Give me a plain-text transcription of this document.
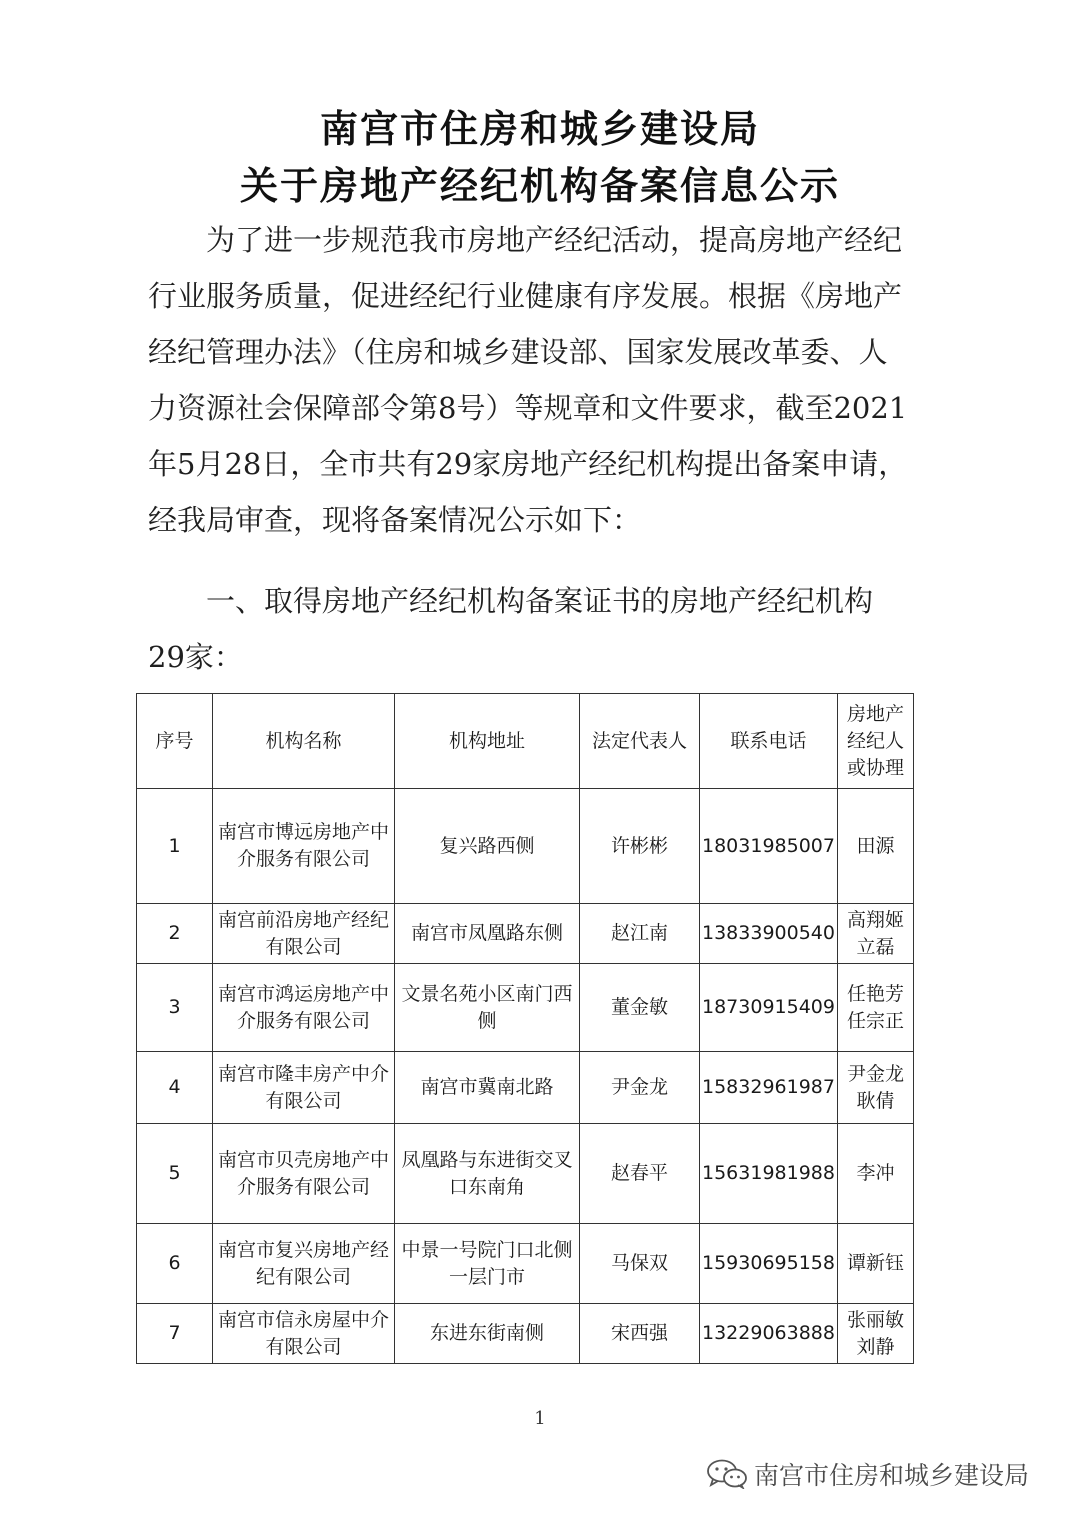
南宫市住房和城乡建设局
关于房地产经纪机构备案信息公示

为了进一步规范我市房地产经纪活动，提高房地产经纪行业服务质量，促进经纪行业健康有序发展。根据《房地产经纪管理办法》（住房和城乡建设部、国家发展改革委、人力资源社会保障部令第8号）等规章和文件要求，截至2021年5月28日，全市共有29家房地产经纪机构提出备案申请，经我局审查，现将备案情况公示如下：

一、取得房地产经纪机构备案证书的房地产经纪机构29家：

序号	机构名称	机构地址	法定代表人	联系电话	房地产经纪人或协理
1	南宫市博远房地产中介服务有限公司	复兴路西侧	许彬彬	18031985007	田源
2	南宫前沿房地产经纪有限公司	南宫市凤凰路东侧	赵江南	13833900540	高翔姬立磊
3	南宫市鸿运房地产中介服务有限公司	文景名苑小区南门西侧	董金敏	18730915409	任艳芳任宗正
4	南宫市隆丰房产中介有限公司	南宫市冀南北路	尹金龙	15832961987	尹金龙耿倩
5	南宫市贝壳房地产中介服务有限公司	凤凰路与东进街交叉口东南角	赵春平	15631981988	李冲
6	南宫市复兴房地产经纪有限公司	中景一号院门口北侧一层门市	马保双	15930695158	谭新钰
7	南宫市信永房屋中介有限公司	东进东街南侧	宋西强	13229063888	张丽敏刘静
1
南宫市住房和城乡建设局
